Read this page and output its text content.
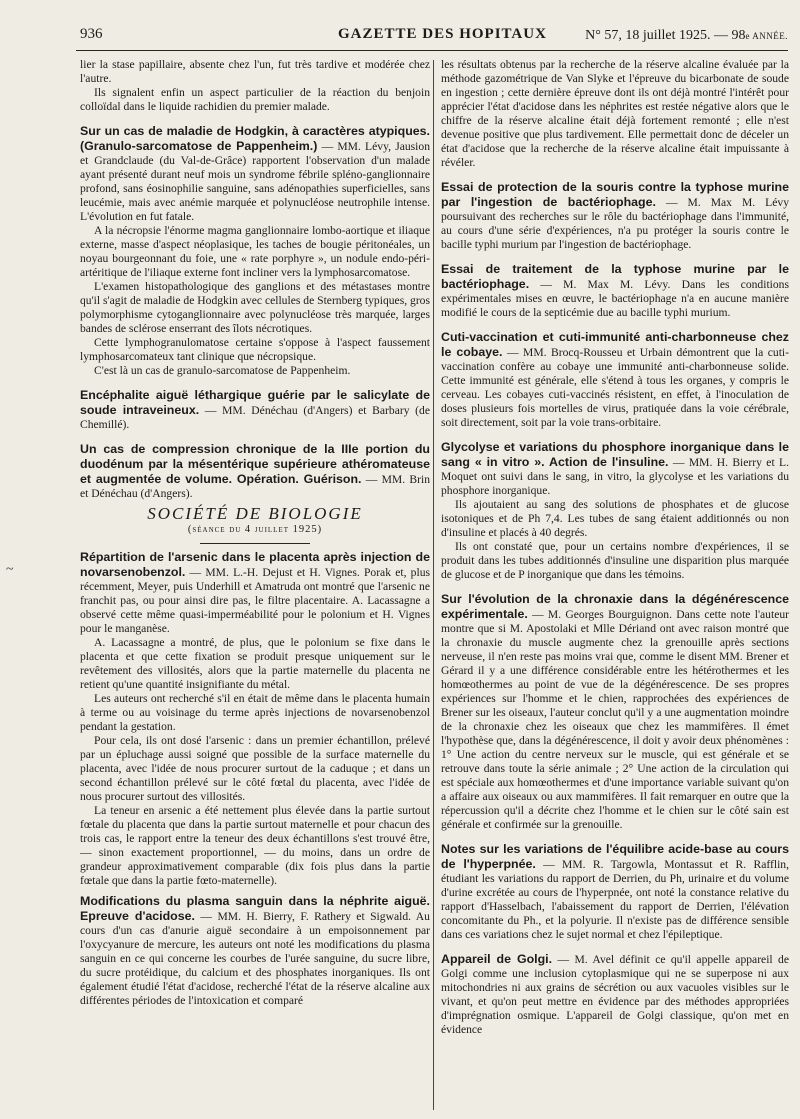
936	GAZETTE DES HOPITAUX	N° 57, 18 juillet 1925. — 98e ANNÉE.
~

lier la stase papillaire, absente chez l'un, fut très tardive et modérée chez l'autre.

Ils signalent enfin un aspect particulier de la réaction du benjoin colloïdal dans le liquide rachidien du premier malade.

Sur un cas de maladie de Hodgkin, à caractères atypiques. (Granulo-sarcomatose de Pappenheim.)

— MM. Lévy, Jausion et Grandclaude (du Val-de-Grâce) rapportent l'observation d'un malade ayant présenté durant neuf mois un syndrome fébrile spléno-ganglionnaire profond, sans éosinophilie sanguine, sans adénopathies superficielles, sans leucémie, mais avec anémie marquée et polynucléose neutrophile intense. L'évolution en fut fatale.

A la nécropsie l'énorme magma ganglionnaire lombo-aortique et iliaque externe, masse d'aspect néoplasique, les taches de bougie péritonéales, un noyau bourgeonnant du foie, une « rate porphyre », un nodule endo-péri-artéritique de l'iliaque externe font incliner vers la lymphosarcomatose.

L'examen histopathologique des ganglions et des métastases montre qu'il s'agit de maladie de Hodgkin avec cellules de Sternberg typiques, gros polymorphisme cytoganglionnaire avec polynucléose très marquée, larges bandes de sclérose enserrant des îlots nécrotiques.

Cette lymphogranulomatose certaine s'oppose à l'aspect faussement lymphosarcomateux tant clinique que nécropsique.

C'est là un cas de granulo-sarcomatose de Pappenheim.

Encéphalite aiguë léthargique guérie par le salicylate de soude intraveineux.

— MM. Dénéchau (d'Angers) et Barbary (de Chemillé).

Un cas de compression chronique de la IIIe portion du duodénum par la mésentérique supérieure athéromateuse et augmentée de volume. Opération. Guérison.

— MM. Brin et Dénéchau (d'Angers).
SOCIÉTÉ DE BIOLOGIE
(séance du 4 juillet 1925)

Répartition de l'arsenic dans le placenta après injection de novarsenobenzol.

— MM. L.-H. Dejust et H. Vignes. Porak et, plus récemment, Meyer, puis Underhill et Amatruda ont montré que l'arsenic ne franchit pas, ou pour ainsi dire pas, le filtre placentaire. A. Lacassagne a observé cette même quasi-imperméabilité pour le polonium et H. Vignes pour le manganèse.

A. Lacassagne a montré, de plus, que le polonium se fixe dans le placenta et que cette fixation se produit presque uniquement sur le revêtement des villosités, alors que la partie maternelle du placenta ne retient qu'une quantité insignifiante du métal.

Les auteurs ont recherché s'il en était de même dans le placenta humain à terme ou au voisinage du terme après injections de novarsenobenzol pendant la gestation.

Pour cela, ils ont dosé l'arsenic : dans un premier échantillon, prélevé par un épluchage aussi soigné que possible de la surface maternelle du placenta, avec l'idée de nous procurer surtout de la caduque ; et dans un second échantillon prélevé sur le côté fœtal du placenta, avec l'idée de nous procurer surtout des villosités.

La teneur en arsenic a été nettement plus élevée dans la partie surtout fœtale du placenta que dans la partie surtout maternelle et pour chacun des trois cas, le rapport entre la teneur des deux échantillons s'est trouvé être, — sinon exactement proportionnel, — du moins, dans un ordre de grandeur approximativement comparable (dix fois plus dans la partie fœtale que dans la partie fœto-maternelle).

Modifications du plasma sanguin dans la néphrite aiguë. Epreuve d'acidose.

— MM. H. Bierry, F. Rathery et Sigwald. Au cours d'un cas d'anurie aiguë secondaire à un empoisonnement par l'oxycyanure de mercure, les auteurs ont noté les modifications du plasma sanguin en ce qui concerne les courbes de l'urée sanguine, du sucre libre, du sucre protéidique, du calcium et des phosphates inorganiques. Ils ont également étudié l'état d'acidose, recherché l'état de la réserve alcaline aux différentes périodes de l'intoxication et comparé

les résultats obtenus par la recherche de la réserve alcaline évaluée par la méthode gazométrique de Van Slyke et l'épreuve du bicarbonate de soude en ingestion ; cette dernière épreuve dont ils ont déjà montré l'intérêt pour apprécier l'état d'acidose dans les néphrites est restée négative alors que le chiffre de la réserve alcaline était déjà fortement remonté ; elle n'est devenue positive que plus tardivement. Elle permettait donc de déceler un état d'acidose que la recherche de la réserve alcaline était impuissante à révéler.

Essai de protection de la souris contre la typhose murine par l'ingestion de bactériophage.

— M. Max M. Lévy poursuivant des recherches sur le rôle du bactériophage dans l'immunité, au cours d'une série d'expériences, n'a pu protéger la souris contre le bacille typhi murium par l'ingestion de bactériophage.

Essai de traitement de la typhose murine par le bactériophage.

— M. Max M. Lévy. Dans les conditions expérimentales mises en œuvre, le bactériophage n'a en aucune manière modifié le cours de la septicémie due au bacille typhi murium.

Cuti-vaccination et cuti-immunité anti-charbonneuse chez le cobaye.

— MM. Brocq-Rousseu et Urbain démontrent que la cuti-vaccination confère au cobaye une immunité anti-charbonneuse solide. Cette immunité est générale, elle s'étend à tous les organes, y compris le cerveau. Les cobayes cuti-vaccinés résistent, en effet, à l'inoculation de doses plusieurs fois mortelles de virus, pratiquée dans la voie cérébrale, soit directement, soit par la voie trans-orbitaire.

Glycolyse et variations du phosphore inorganique dans le sang « in vitro ». Action de l'insuline.

— MM. H. Bierry et L. Moquet ont suivi dans le sang, in vitro, la glycolyse et les variations du phosphore inorganique.

Ils ajoutaient au sang des solutions de phosphates et de glucose isotoniques et de Ph 7,4. Les tubes de sang étaient additionnés ou non d'insuline et placés à 40 degrés.

Ils ont constaté que, pour un certains nombre d'expériences, il se produit dans les tubes additionnés d'insuline une disparition plus marquée de glucose et de P inorganique que dans les témoins.

Sur l'évolution de la chronaxie dans la dégénérescence expérimentale.

— M. Georges Bourguignon. Dans cette note l'auteur montre que si M. Apostolaki et Mlle Dériand ont avec raison montré que la chronaxie du muscle augmente chez la grenouille après sections nerveuse, il n'en reste pas moins vrai que, comme le disent MM. Brener et Gérard il y a une différence considérable entre les hétérothermes et les homœothermes au point de vue de la dégénérescence. De ses propres expériences sur l'homme et le chien, rapprochées des expériences de Brener sur les oiseaux, l'auteur conclut qu'il y a une augmentation moindre de la chronaxie chez les oiseaux que chez les mammifères. Il émet l'hypothèse que, dans la dégénérescence, il doit y avoir deux phénomènes : 1° Une action du centre nerveux sur le muscle, qui est générale et se retrouve dans toute la série animale ; 2° Une action de la circulation qui est spéciale aux homœothermes et d'une importance variable suivant qu'on a affaire aux oiseaux ou aux mammifères. Il fait remarquer en outre que la répercussion qu'il a décrite chez l'homme et le chien sur le côté sain est générale et confirmée sur la grenouille.

Notes sur les variations de l'équilibre acide-base au cours de l'hyperpnée.

— MM. R. Targowla, Montassut et R. Rafflin, étudiant les variations du rapport de Derrien, du Ph, urinaire et du volume d'urine excrétée au cours de l'hyperpnée, ont noté la constance relative du rapport d'Hasselbach, l'abaissement du rapport de Derrien, l'élévation concomitante du Ph., et la polyurie. Il n'existe pas de différence sensible dans ces variations chez le sujet normal et chez l'épileptique.

Appareil de Golgi.

— M. Avel définit ce qu'il appelle appareil de Golgi comme une inclusion cytoplasmique qui ne se superpose ni aux mitochondries ni aux grains de sécrétion ou aux vacuoles visibles sur le vivant, et qu'on peut mettre en évidence par des méthodes appropriées d'imprégnation osmique. L'appareil de Golgi classique, qu'on met en évidence
